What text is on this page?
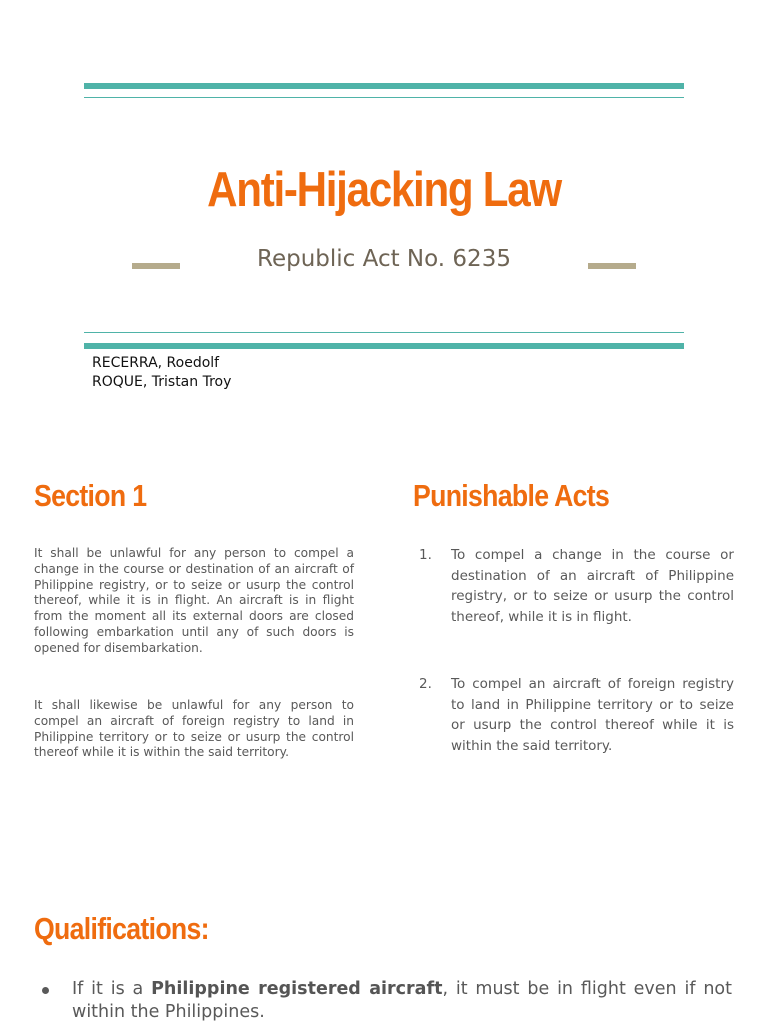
Anti-Hijacking Law
Republic Act No. 6235
RECERRA, Roedolf
ROQUE, Tristan Troy
Section 1
It shall be unlawful for any person to compel a change in the course or destination of an aircraft of Philippine registry, or to seize or usurp the control thereof, while it is in flight. An aircraft is in flight from the moment all its external doors are closed following embarkation until any of such doors is opened for disembarkation.
It shall likewise be unlawful for any person to compel an aircraft of foreign registry to land in Philippine territory or to seize or usurp the control thereof while it is within the said territory.
Punishable Acts
1. To compel a change in the course or destination of an aircraft of Philippine registry, or to seize or usurp the control thereof, while it is in flight.
2. To compel an aircraft of foreign registry to land in Philippine territory or to seize or usurp the control thereof while it is within the said territory.
Qualifications:
If it is a Philippine registered aircraft, it must be in flight even if not within the Philippines.
